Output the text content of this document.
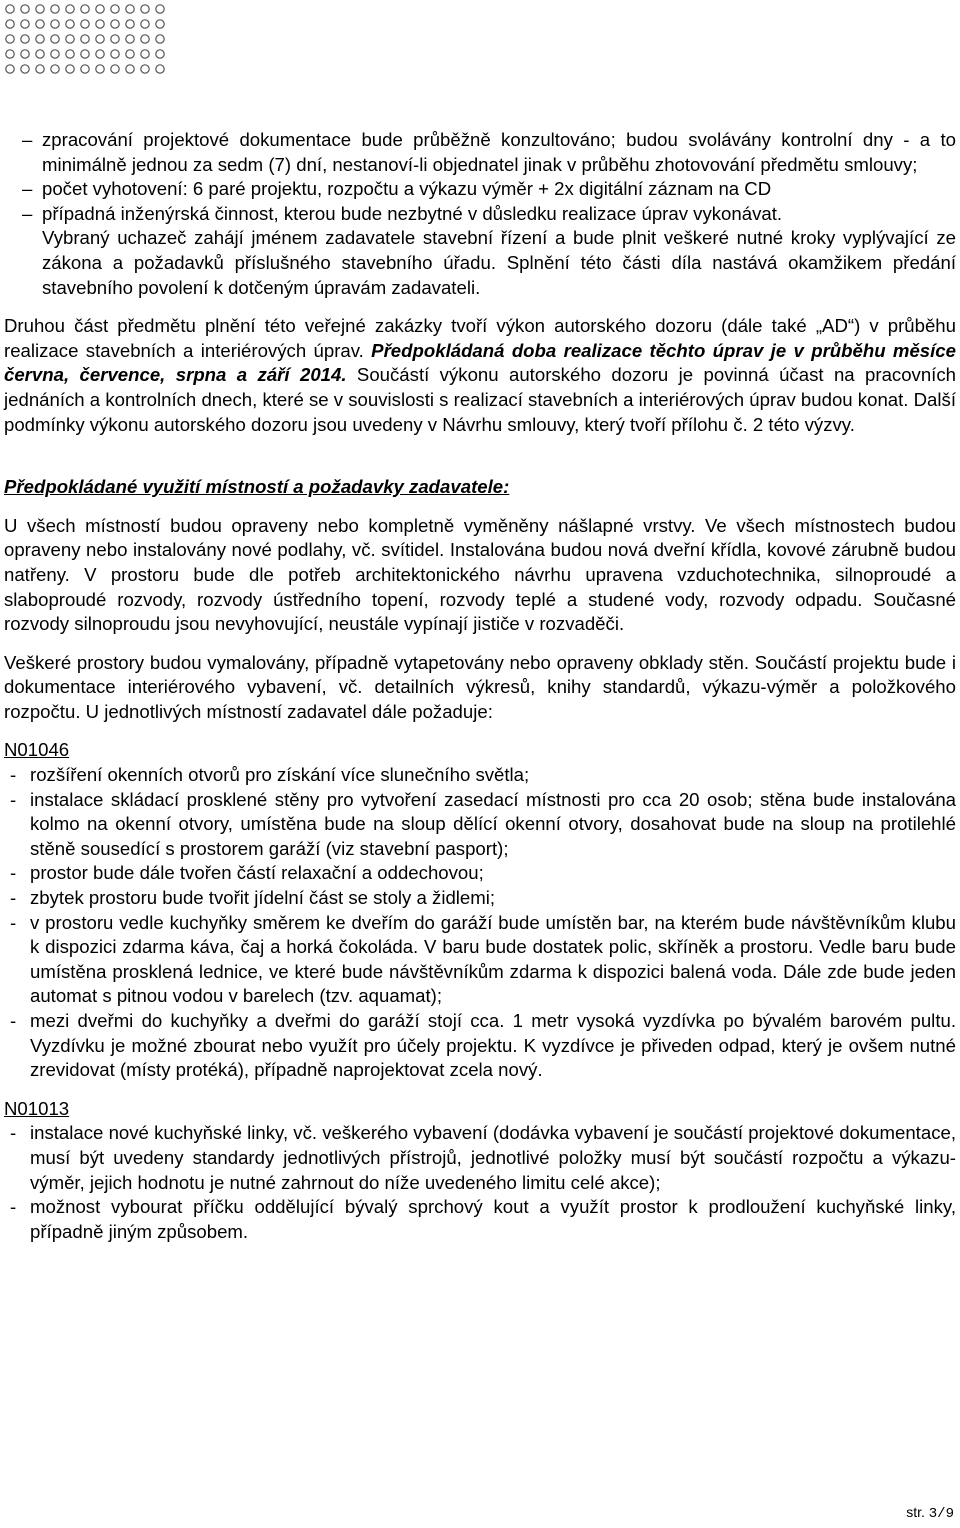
– zpracování projektové dokumentace bude průběžně konzultováno; budou svolávány kontrolní dny - a to minimálně jednou za sedm (7) dní, nestanoví-li objednatel jinak v průběhu zhotovování předmětu smlouvy;

– počet vyhotovení: 6 paré projektu, rozpočtu a výkazu výměr + 2x digitální záznam na CD

– případná inženýrská činnost, kterou bude nezbytné v důsledku realizace úprav vykonávat.

Vybraný uchazeč zahájí jménem zadavatele stavební řízení a bude plnit veškeré nutné kroky vyplývající ze zákona a požadavků příslušného stavebního úřadu. Splnění této části díla nastává okamžikem předání stavebního povolení k dotčeným úpravám zadavateli.

Druhou část předmětu plnění této veřejné zakázky tvoří výkon autorského dozoru (dále také „AD“) v průběhu realizace stavebních a interiérových úprav. Předpokládaná doba realizace těchto úprav je v průběhu měsíce června, července, srpna a září 2014. Součástí výkonu autorského dozoru je povinná účast na pracovních jednáních a kontrolních dnech, které se v souvislosti s realizací stavebních a interiérových úprav budou konat. Další podmínky výkonu autorského dozoru jsou uvedeny v Návrhu smlouvy, který tvoří přílohu č. 2 této výzvy.

Předpokládané využití místností a požadavky zadavatele:

U všech místností budou opraveny nebo kompletně vyměněny nášlapné vrstvy. Ve všech místnostech budou opraveny nebo instalovány nové podlahy, vč. svítidel. Instalována budou nová dveřní křídla, kovové zárubně budou natřeny. V prostoru bude dle potřeb architektonického návrhu upravena vzduchotechnika, silnoproudé a slaboproudé rozvody, rozvody ústředního topení, rozvody teplé a studené vody, rozvody odpadu. Současné rozvody silnoproudu jsou nevyhovující, neustále vypínají jističe v rozvaděči.

Veškeré prostory budou vymalovány, případně vytapetovány nebo opraveny obklady stěn. Součástí projektu bude i dokumentace interiérového vybavení, vč. detailních výkresů, knihy standardů, výkazu-výměr a položkového rozpočtu. U jednotlivých místností zadavatel dále požaduje:

N01046

- rozšíření okenních otvorů pro získání více slunečního světla;

- instalace skládací prosklené stěny pro vytvoření zasedací místnosti pro cca 20 osob; stěna bude instalována kolmo na okenní otvory, umístěna bude na sloup dělící okenní otvory, dosahovat bude na sloup na protilehlé stěně sousedící s prostorem garáží (viz stavební pasport);

- prostor bude dále tvořen částí relaxační a oddechovou;

- zbytek prostoru bude tvořit jídelní část se stoly a židlemi;

- v prostoru vedle kuchyňky směrem ke dveřím do garáží bude umístěn bar, na kterém bude návštěvníkům klubu k dispozici zdarma káva, čaj a horká čokoláda. V baru bude dostatek polic, skříněk a prostoru. Vedle baru bude umístěna prosklená lednice, ve které bude návštěvníkům zdarma k dispozici balená voda. Dále zde bude jeden automat s pitnou vodou v barelech (tzv. aquamat);

- mezi dveřmi do kuchyňky a dveřmi do garáží stojí cca. 1 metr vysoká vyzdívka po bývalém barovém pultu. Vyzdívku je možné zbourat nebo využít pro účely projektu. K vyzdívce je přiveden odpad, který je ovšem nutné zrevidovat (místy protéká), případně naprojektovat zcela nový.

N01013

- instalace nové kuchyňské linky, vč. veškerého vybavení (dodávka vybavení je součástí projektové dokumentace, musí být uvedeny standardy jednotlivých přístrojů, jednotlivé položky musí být součástí rozpočtu a výkazu-výměr, jejich hodnotu je nutné zahrnout do níže uvedeného limitu celé akce);

- možnost vybourat příčku oddělující bývalý sprchový kout a využít prostor k prodloužení kuchyňské linky, případně jiným způsobem.

str. 3/9
